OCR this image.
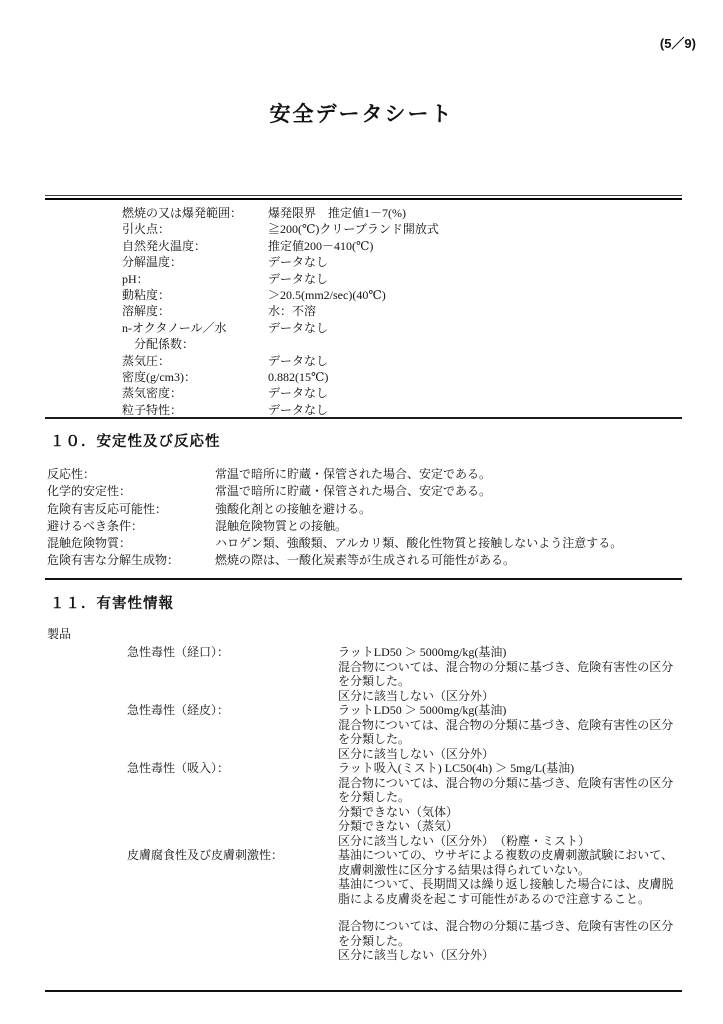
(5／9)
安全データシート
燃焼の又は爆発範囲：	爆発限界　推定値1－7(%)
引火点：	≧200(℃)クリーブランド開放式
自然発火温度：	推定値200－410(℃)
分解温度：	データなし
pH：	データなし
動粘度：	＞20.5(mm2/sec)(40℃)
溶解度：	水：不溶
n-オクタノール／水	データなし
　分配係数：
蒸気圧：	データなし
密度(g/cm3)：	0.882(15℃)
蒸気密度：	データなし
粒子特性：	データなし
１０．安定性及び反応性
反応性：	常温で暗所に貯蔵・保管された場合、安定である。
化学的安定性：	常温で暗所に貯蔵・保管された場合、安定である。
危険有害反応可能性：	強酸化剤との接触を避ける。
避けるべき条件：	混触危険物質との接触。
混触危険物質：	ハロゲン類、強酸類、アルカリ類、酸化性物質と接触しないよう注意する。
危険有害な分解生成物：	燃焼の際は、一酸化炭素等が生成される可能性がある。
１１．有害性情報
製品
急性毒性（経口）：	ラットLD50 ＞ 5000mg/kg(基油)
混合物については、混合物の分類に基づき、危険有害性の区分を分類した。
区分に該当しない（区分外）
急性毒性（経皮）：	ラットLD50 ＞ 5000mg/kg(基油)
混合物については、混合物の分類に基づき、危険有害性の区分を分類した。
区分に該当しない（区分外）
急性毒性（吸入）：	ラット吸入(ミスト) LC50(4h) ＞ 5mg/L(基油)
混合物については、混合物の分類に基づき、危険有害性の区分を分類した。
分類できない（気体）
分類できない（蒸気）
区分に該当しない（区分外）　（粉塵・ミスト）
皮膚腐食性及び皮膚刺激性：	基油についての、ウサギによる複数の皮膚刺激試験において、皮膚刺激性に区分する結果は得られていない。
基油について、長期間又は繰り返し接触した場合には、皮膚脱脂による皮膚炎を起こす可能性があるので注意すること。
混合物については、混合物の分類に基づき、危険有害性の区分を分類した。
区分に該当しない（区分外）
